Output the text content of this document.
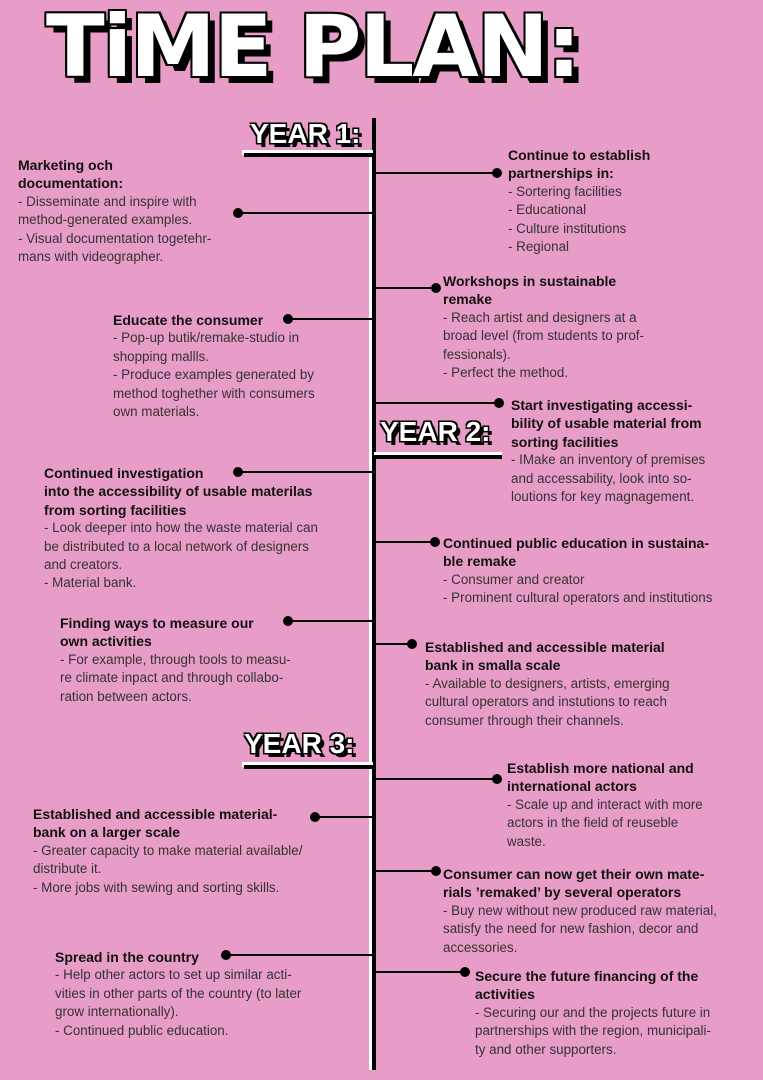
TiME PLAN:
YEAR 1:
YEAR 2:
YEAR 3:
Marketing och
documentation:
- Disseminate and inspire with
method-generated examples.
- Visual documentation togetehr-
mans with videographer.
Continue to establish
partnerships in:
- Sortering facilities
- Educational
- Culture institutions
- Regional
Workshops in sustainable
remake
- Reach artist and designers at a
broad level (from students to prof-
fessionals).
- Perfect the method.
Educate the consumer
- Pop-up butik/remake-studio in
shopping mallls.
- Produce examples generated by
method toghether with consumers
own materials.	Start investigating accessi-
bility of usable material from
sorting facilities
- IMake an inventory of premises
and accessability, look into so-
loutions for key magnagement.
Continued investigation
into the accessibility of usable materilas
from sorting facilities
- Look deeper into how the waste material can
be distributed to a local network of designers
and creators.
- Material bank.
Continued public education in sustaina-
ble remake
- Consumer and creator
- Prominent cultural operators and institutions
Finding ways to measure our
own activities
- For example, through tools to measu-
re climate inpact and through collabo-
ration between actors.
Established and accessible material
bank in smalla scale
- Available to designers, artists, emerging
cultural operators and instutions to reach
consumer through their channels.
Establish more national and
international actors
- Scale up and interact with more
actors in the field of reuseble
waste.
Established and accessible material-
bank on a larger scale
- Greater capacity to make material available/
distribute it.
- More jobs with sewing and sorting skills.
Consumer can now get their own mate-
rials ’remaked’ by several operators
- Buy new without new produced raw material,
satisfy the need for new fashion, decor and
accessories.
Spread in the country
- Help other actors to set up similar acti-
vities in other parts of the country (to later
grow internationally).
- Continued public education.
Secure the future financing of the
activities
- Securing our and the projects future in
partnerships with the region, municipali-
ty and other supporters.
